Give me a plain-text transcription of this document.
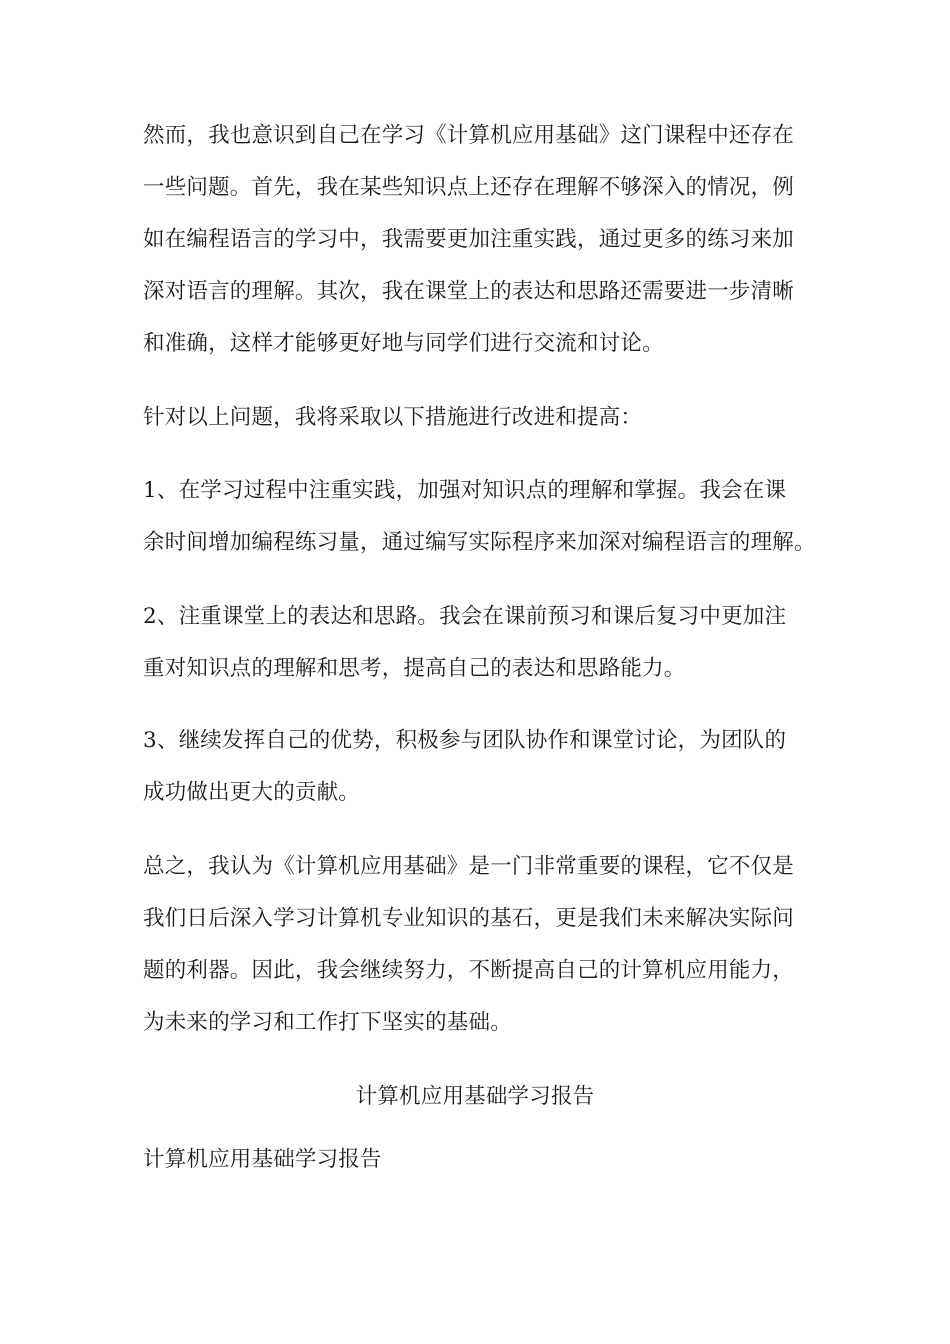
然而，我也意识到自己在学习《计算机应用基础》这门课程中还存在
一些问题。首先，我在某些知识点上还存在理解不够深入的情况，例
如在编程语言的学习中，我需要更加注重实践，通过更多的练习来加
深对语言的理解。其次，我在课堂上的表达和思路还需要进一步清晰
和准确，这样才能够更好地与同学们进行交流和讨论。
针对以上问题，我将采取以下措施进行改进和提高：
1、在学习过程中注重实践，加强对知识点的理解和掌握。我会在课
余时间增加编程练习量，通过编写实际程序来加深对编程语言的理解。
2、注重课堂上的表达和思路。我会在课前预习和课后复习中更加注
重对知识点的理解和思考，提高自己的表达和思路能力。
3、继续发挥自己的优势，积极参与团队协作和课堂讨论，为团队的
成功做出更大的贡献。
总之，我认为《计算机应用基础》是一门非常重要的课程，它不仅是
我们日后深入学习计算机专业知识的基石，更是我们未来解决实际问
题的利器。因此，我会继续努力，不断提高自己的计算机应用能力，
为未来的学习和工作打下坚实的基础。
计算机应用基础学习报告
计算机应用基础学习报告
